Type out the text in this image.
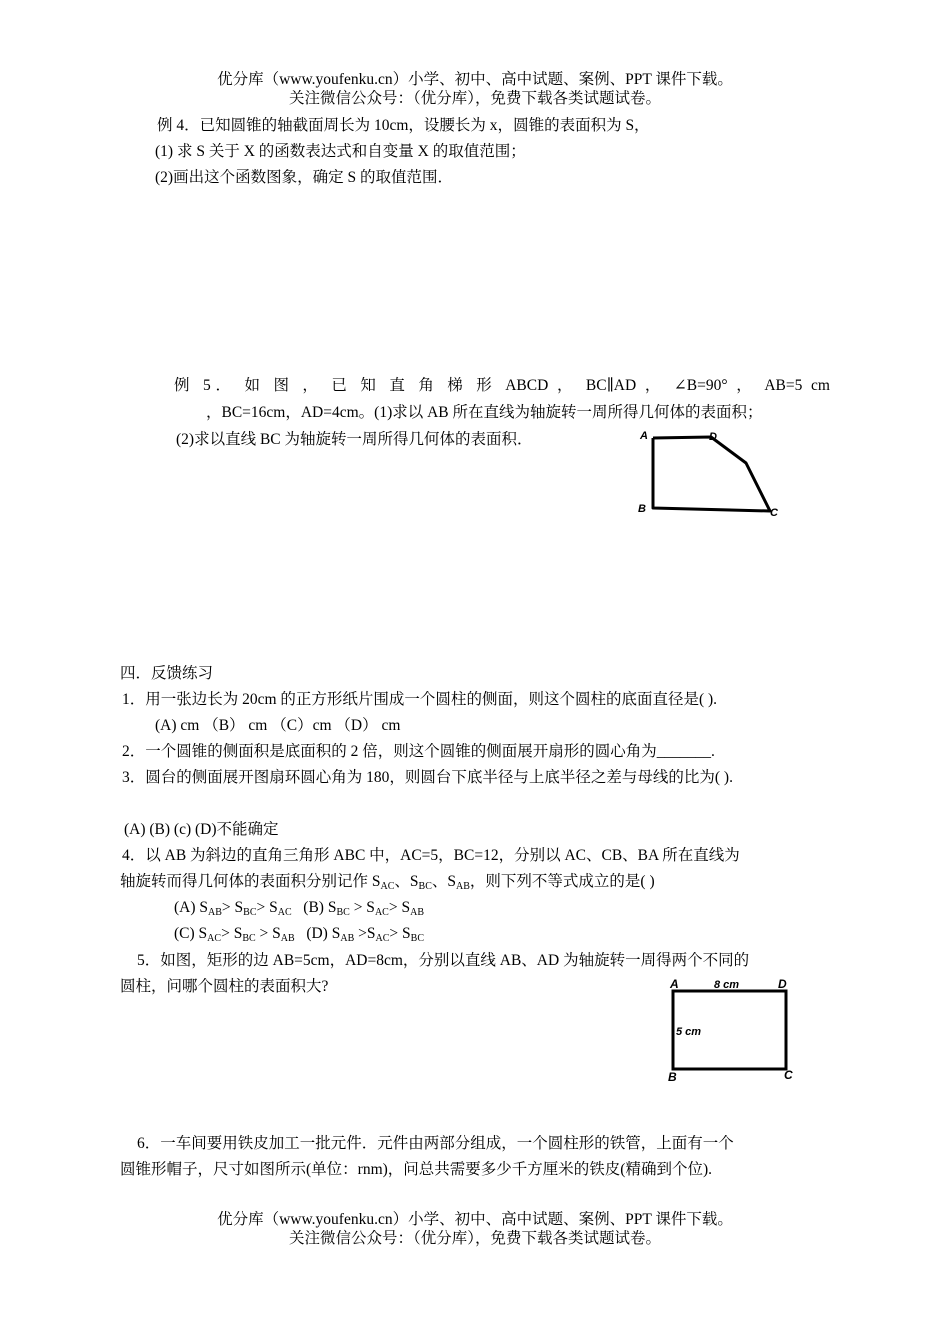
优分库（www.youfenku.cn）小学、初中、高中试题、案例、PPT 课件下载。
关注微信公众号：（优分库），免费下载各类试题试卷。
例 4．已知圆锥的轴截面周长为 10cm，设腰长为 x，圆锥的表面积为 S，
(1) 求 S 关于 X 的函数表达式和自变量 X 的取值范围；
(2)画出这个函数图象，确定 S 的取值范围．
例 5． 如 图 ， 已 知 直 角 梯 形 ABCD ， BC∥AD ， ∠B=90° ， AB=5 cm
，BC=16cm，AD=4cm。(1)求以 AB 所在直线为轴旋转一周所得几何体的表面积；
(2)求以直线 BC 为轴旋转一周所得几何体的表面积．	A	D
B	C
四．反馈练习
1．用一张边长为 20cm 的正方形纸片围成一个圆柱的侧面，则这个圆柱的底面直径是( ).
(A) cm （B） cm （C）cm （D） cm
2．一个圆锥的侧面积是底面积的 2 倍，则这个圆锥的侧面展开扇形的圆心角为_______.
3．圆台的侧面展开图扇环圆心角为 180，则圆台下底半径与上底半径之差与母线的比为( ).
(A) (B) (c) (D)不能确定
4．以 AB 为斜边的直角三角形 ABC 中，AC=5，BC=12，分别以 AC、CB、BA 所在直线为
轴旋转而得几何体的表面积分别记作 $S_{AC}$、$S_{BC}$、$S_{AB}$，则下列不等式成立的是( )
(A) $S_{AB}> S_{BC}> S_{AC}$   (B) $S_{BC} > S_{AC}> S_{AB}$
(C) $S_{AC}> S_{BC} > S_{AB}$   (D) $S_{AB} >S_{AC}> S_{BC}$
5．如图，矩形的边 AB=5cm，AD=8cm，分别以直线 AB、AD 为轴旋转一周得两个不同的
圆柱，问哪个圆柱的表面积大?	A	8 cm	D
5 cm
B	C
6．一车间要用铁皮加工一批元件．元件由两部分组成，一个圆柱形的铁管，上面有一个
圆锥形帽子，尺寸如图所示(单位：rnm)，问总共需要多少千方厘米的铁皮(精确到个位).
优分库（www.youfenku.cn）小学、初中、高中试题、案例、PPT 课件下载。
关注微信公众号：（优分库），免费下载各类试题试卷。
